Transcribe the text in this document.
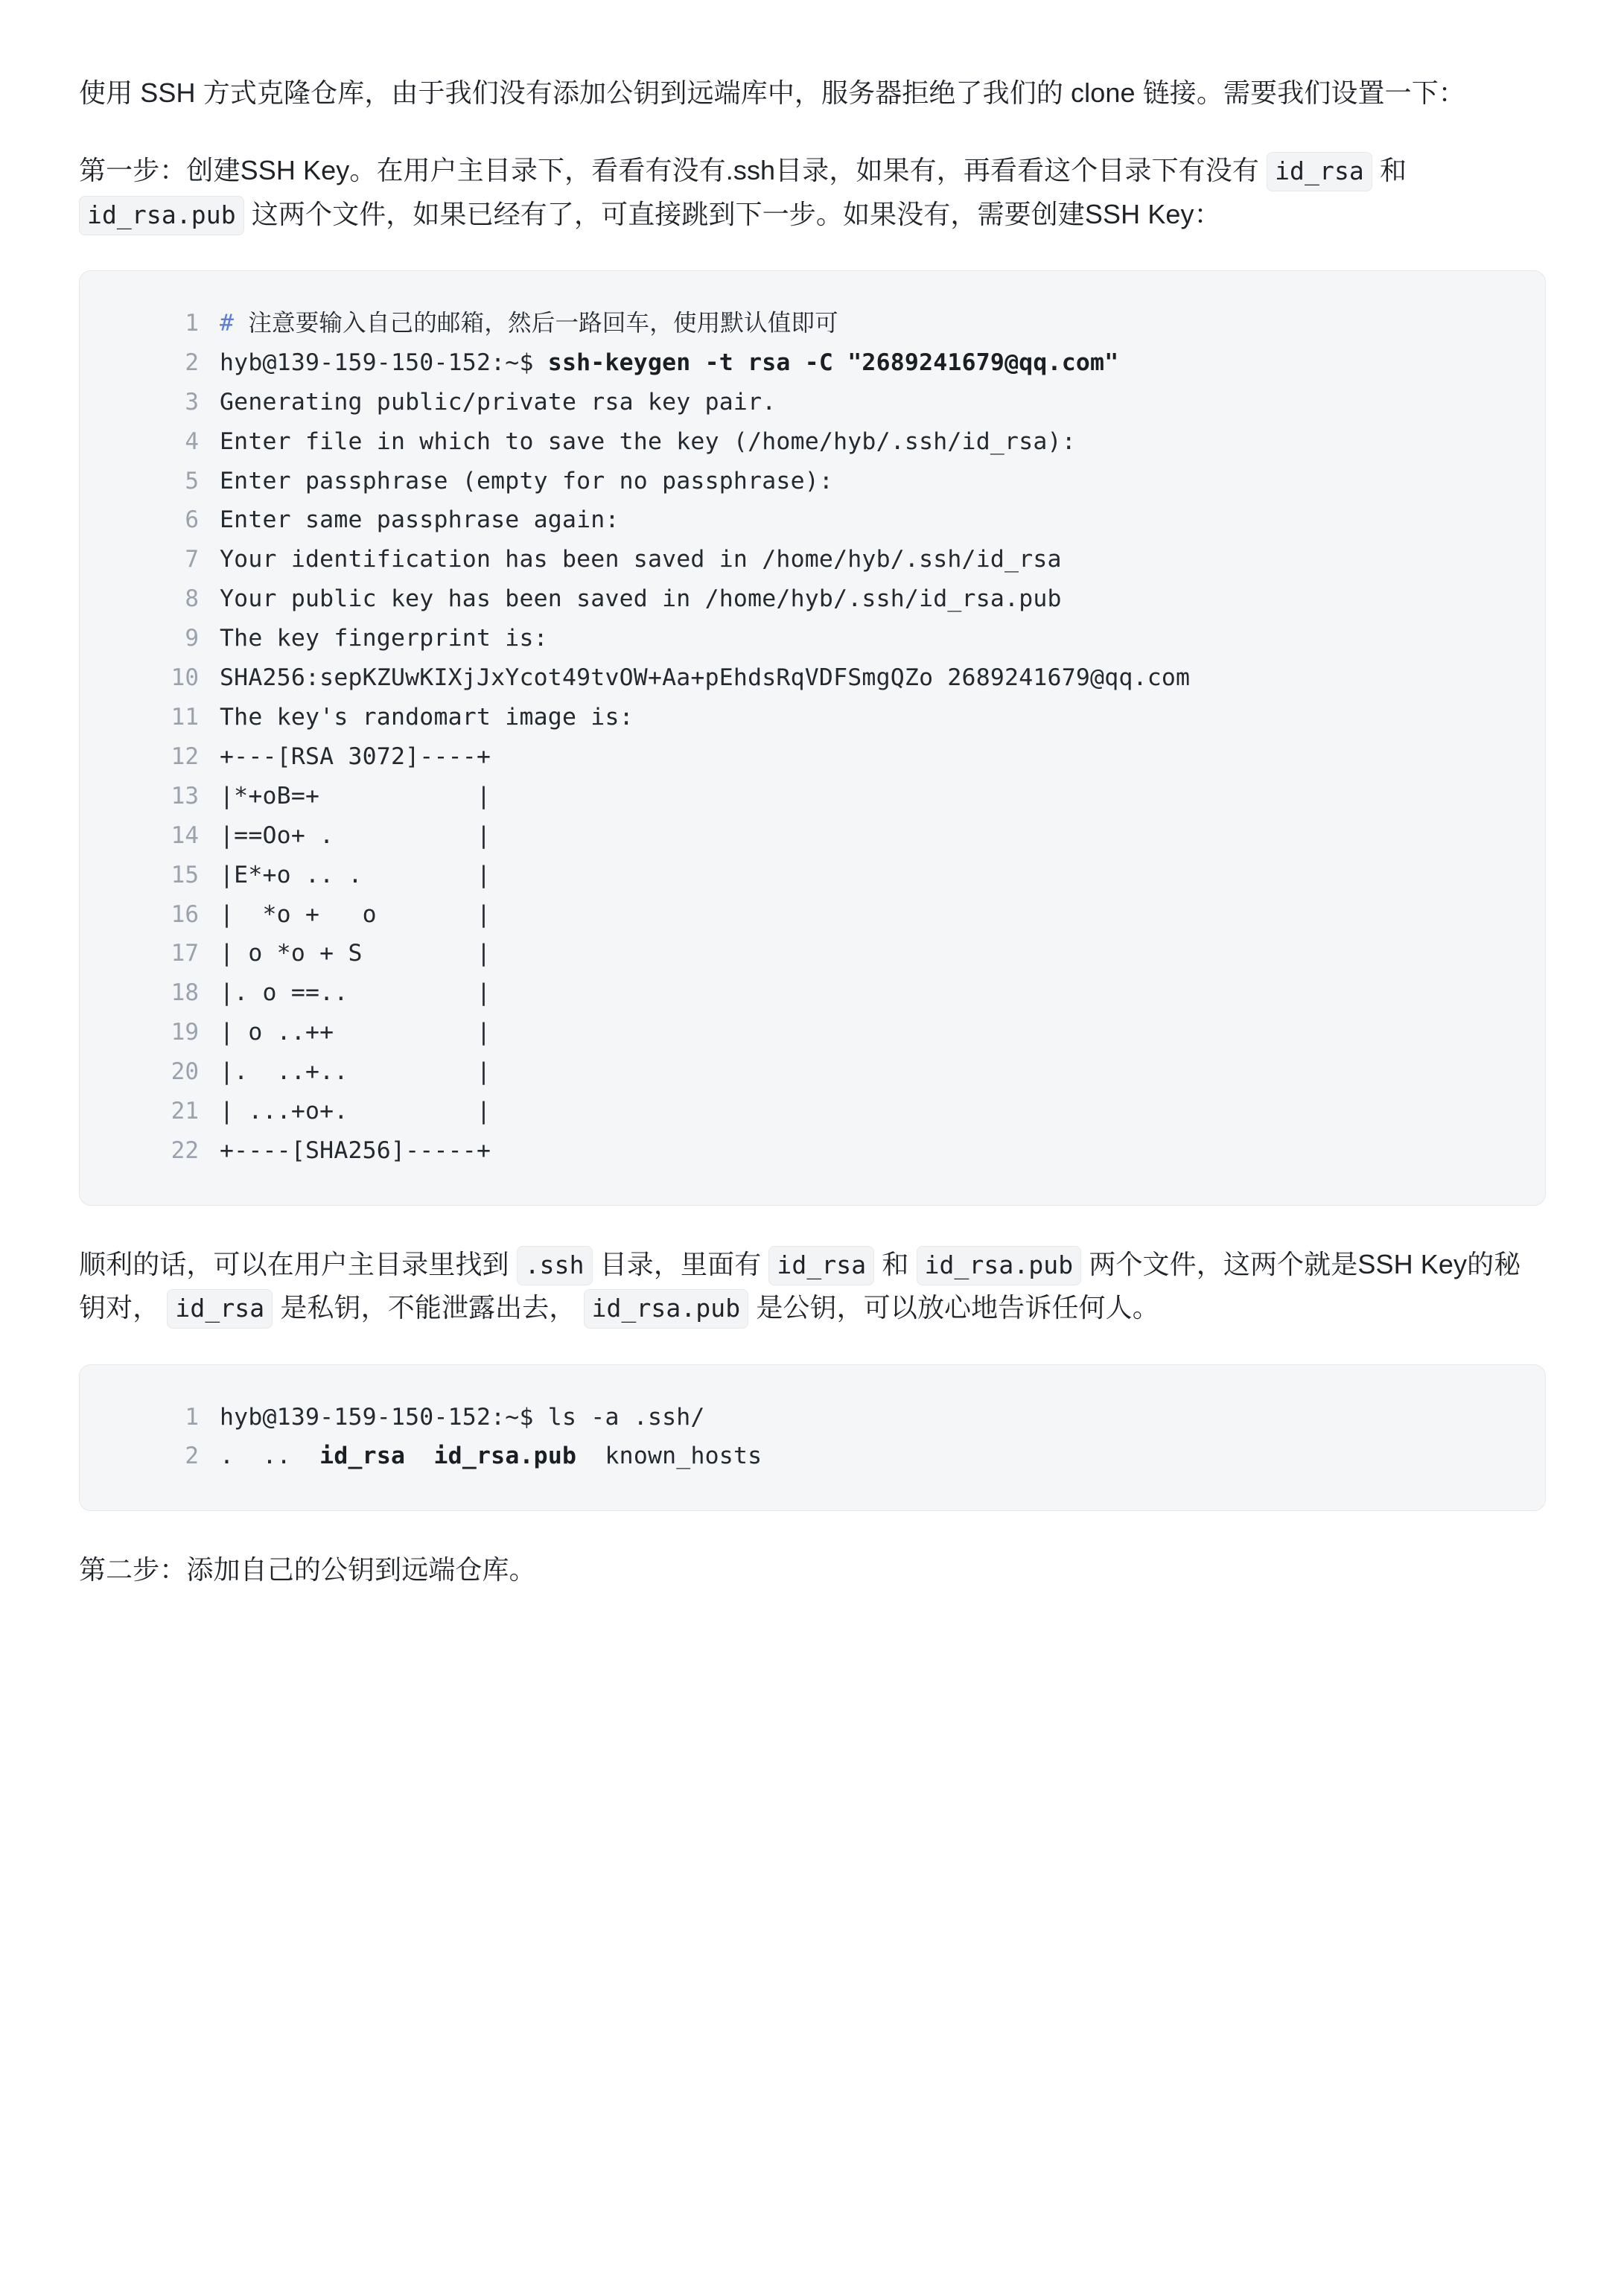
使用 SSH 方式克隆仓库，由于我们没有添加公钥到远端库中，服务器拒绝了我们的 clone 链接。需要我们设置一下：

第一步：创建SSH Key。在用户主目录下，看看有没有.ssh目录，如果有，再看看这个目录下有没有 id_rsa 和 id_rsa.pub 这两个文件，如果已经有了，可直接跳到下一步。如果没有，需要创建SSH Key：

1	# 注意要输入自己的邮箱，然后一路回车，使用默认值即可
2	hyb@139-159-150-152:~$ ssh-keygen -t rsa -C "2689241679@qq.com"
3	Generating public/private rsa key pair.
4	Enter file in which to save the key (/home/hyb/.ssh/id_rsa):
5	Enter passphrase (empty for no passphrase):
6	Enter same passphrase again:
7	Your identification has been saved in /home/hyb/.ssh/id_rsa
8	Your public key has been saved in /home/hyb/.ssh/id_rsa.pub
9	The key fingerprint is:
10	SHA256:sepKZUwKIXjJxYcot49tvOW+Aa+pEhdsRqVDFSmgQZo 2689241679@qq.com
11	The key's randomart image is:
12	+---[RSA 3072]----+
13	|*+oB=+           |
14	|==Oo+ .          |
15	|E*+o .. .        |
16	|  *o +   o       |
17	| o *o + S        |
18	|. o ==..         |
19	| o ..++          |
20	|.  ..+..         |
21	| ...+o+.         |
22	+----[SHA256]-----+

顺利的话，可以在用户主目录里找到 .ssh 目录，里面有 id_rsa 和 id_rsa.pub 两个文件，这两个就是SSH Key的秘钥对， id_rsa 是私钥，不能泄露出去， id_rsa.pub 是公钥，可以放心地告诉任何人。

1	hyb@139-159-150-152:~$ ls -a .ssh/
2	.  ..  id_rsa id_rsa.pub  known_hosts

第二步：添加自己的公钥到远端仓库。
